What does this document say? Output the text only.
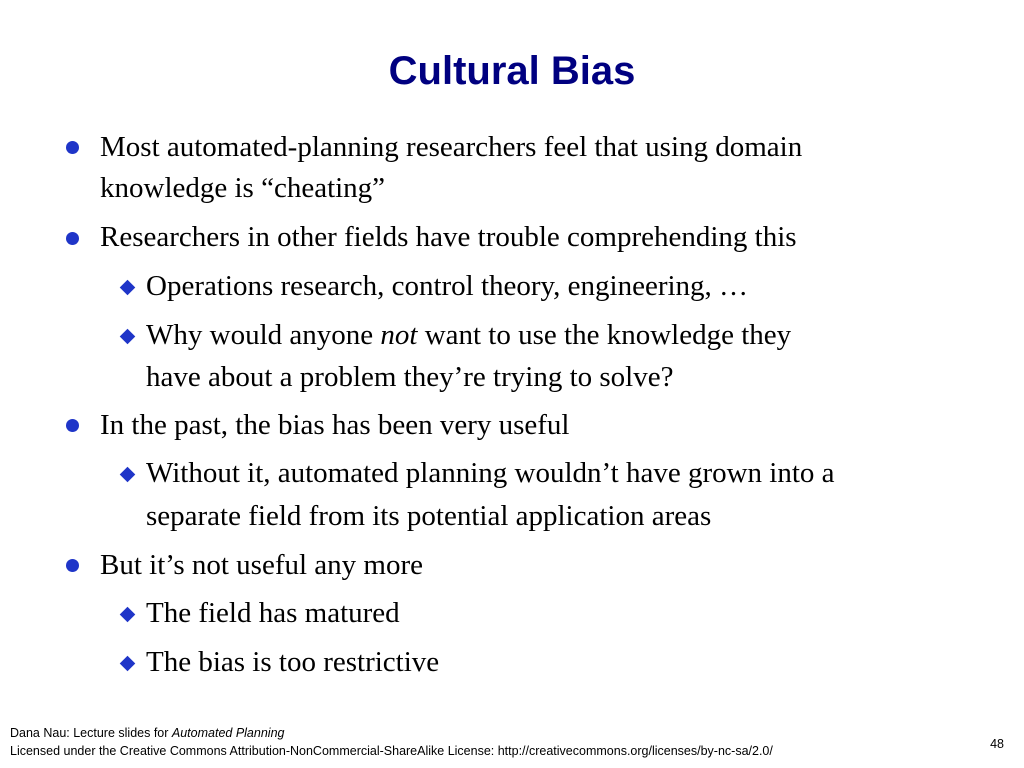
Cultural Bias
Most automated-planning researchers feel that using domain
knowledge is “cheating”
Researchers in other fields have trouble comprehending this
Operations research, control theory, engineering, …
Why would anyone not want to use the knowledge they
have about a problem they’re trying to solve?
In the past, the bias has been very useful
Without it, automated planning wouldn’t have grown into a
separate field from its potential application areas
But it’s not useful any more
The field has matured
The bias is too restrictive
Dana Nau: Lecture slides for Automated Planning
Licensed under the Creative Commons Attribution-NonCommercial-ShareAlike License: http://creativecommons.org/licenses/by-nc-sa/2.0/	48
